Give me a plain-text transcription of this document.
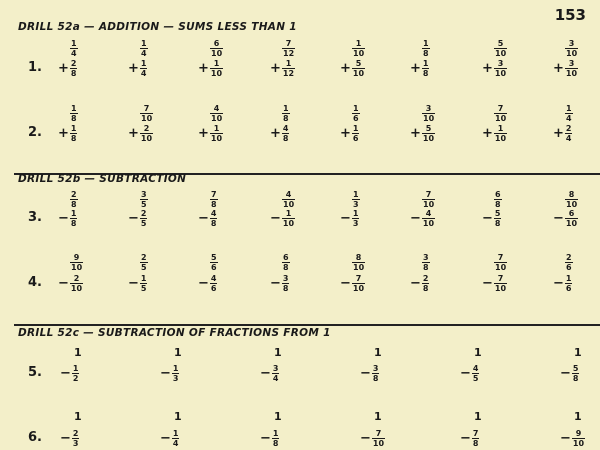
153
DRILL 52a — ADDITION — SUMS LESS THAN 1
1.
$\frac{1}{4}$
+ $\frac{2}{8}$
$\frac{1}{4}$
+ $\frac{1}{4}$
$\frac{6}{10}$
+ $\frac{1}{10}$
$\frac{7}{12}$
+ $\frac{1}{12}$
$\frac{1}{10}$
+ $\frac{5}{10}$
$\frac{1}{8}$
+ $\frac{1}{8}$
$\frac{5}{10}$
+ $\frac{3}{10}$
$\frac{3}{10}$
+ $\frac{3}{10}$
2.
$\frac{1}{8}$
+ $\frac{1}{8}$
$\frac{7}{10}$
+ $\frac{2}{10}$
$\frac{4}{10}$
+ $\frac{1}{10}$
$\frac{1}{8}$
+ $\frac{4}{8}$
$\frac{1}{6}$
+ $\frac{1}{6}$
$\frac{3}{10}$
+ $\frac{5}{10}$
$\frac{7}{10}$
+ $\frac{1}{10}$
$\frac{1}{4}$
+ $\frac{2}{4}$
DRILL 52b — SUBTRACTION
3.
$\frac{2}{8}$
− $\frac{1}{8}$
$\frac{3}{5}$
− $\frac{2}{5}$
$\frac{7}{8}$
− $\frac{4}{8}$
$\frac{4}{10}$
− $\frac{1}{10}$
$\frac{1}{3}$
− $\frac{1}{3}$
$\frac{7}{10}$
− $\frac{4}{10}$
$\frac{6}{8}$
− $\frac{5}{8}$
$\frac{8}{10}$
− $\frac{6}{10}$
4.
$\frac{9}{10}$
− $\frac{2}{10}$
$\frac{2}{5}$
− $\frac{1}{5}$
$\frac{5}{6}$
− $\frac{4}{6}$
$\frac{6}{8}$
− $\frac{3}{8}$
$\frac{8}{10}$
− $\frac{7}{10}$
$\frac{3}{8}$
− $\frac{2}{8}$
$\frac{7}{10}$
− $\frac{7}{10}$
$\frac{2}{6}$
− $\frac{1}{6}$
DRILL 52c — SUBTRACTION OF FRACTIONS FROM 1
5.
1
− $\frac{1}{2}$
1
− $\frac{1}{3}$
1
− $\frac{3}{4}$
1
− $\frac{3}{8}$
1
− $\frac{4}{5}$
1
− $\frac{5}{8}$
6.
1
− $\frac{2}{3}$
1
− $\frac{1}{4}$
1
− $\frac{1}{8}$
1
− $\frac{7}{10}$
1
− $\frac{7}{8}$
1
− $\frac{9}{10}$
